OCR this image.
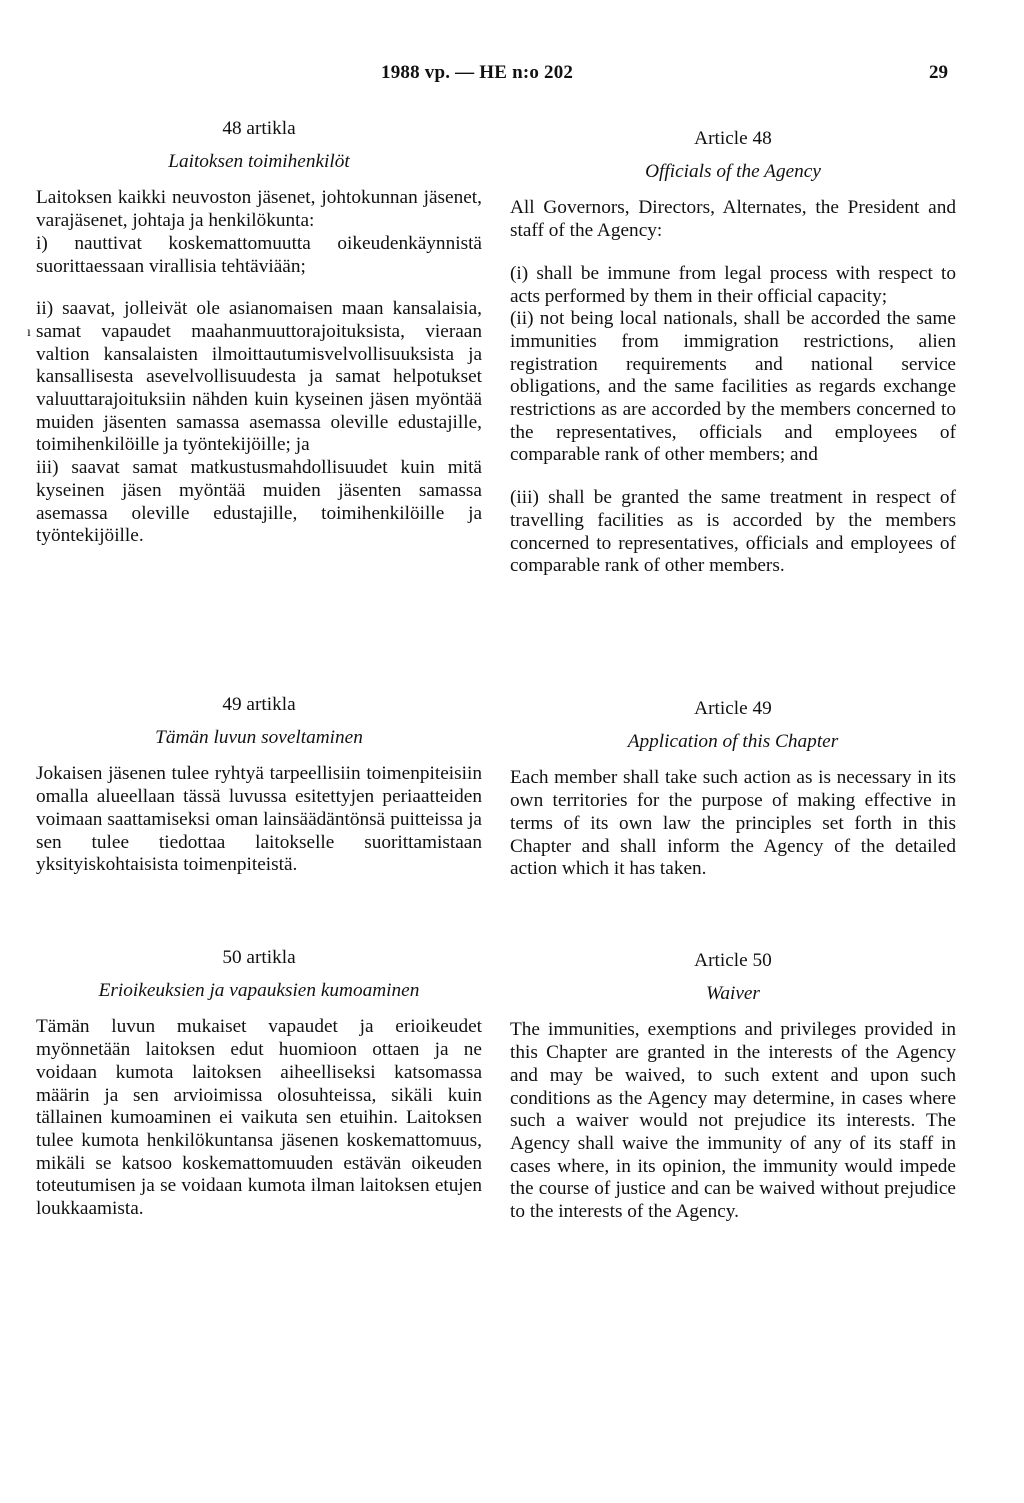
1988 vp. — HE n:o 202	29
48 artikla
Laitoksen toimihenkilöt
Laitoksen kaikki neuvoston jäsenet, johtokunnan jäsenet, varajäsenet, johtaja ja henkilökunta:
i) nauttivat koskemattomuutta oikeudenkäynnistä suorittaessaan virallisia tehtäviään;
ı
ii) saavat, jolleivät ole asianomaisen maan kansalaisia, samat vapaudet maahanmuuttorajoituksista, vieraan valtion kansalaisten ilmoittautumisvelvollisuuksista ja kansallisesta asevelvollisuudesta ja samat helpotukset valuuttarajoituksiin nähden kuin kyseinen jäsen myöntää muiden jäsenten samassa asemassa oleville edustajille, toimihenkilöille ja työntekijöille; ja
iii) saavat samat matkustusmahdollisuudet kuin mitä kyseinen jäsen myöntää muiden jäsenten samassa asemassa oleville edustajille, toimihenkilöille ja työntekijöille.
Article 48
Officials of the Agency
All Governors, Directors, Alternates, the President and staff of the Agency:
(i) shall be immune from legal process with respect to acts performed by them in their official capacity;
(ii) not being local nationals, shall be accorded the same immunities from immigration restrictions, alien registration requirements and national service obligations, and the same facilities as regards exchange restrictions as are accorded by the members concerned to the representatives, officials and employees of comparable rank of other members; and
(iii) shall be granted the same treatment in respect of travelling facilities as is accorded by the members concerned to representatives, officials and employees of comparable rank of other members.
49 artikla
Tämän luvun soveltaminen
Jokaisen jäsenen tulee ryhtyä tarpeellisiin toimenpiteisiin omalla alueellaan tässä luvussa esitettyjen periaatteiden voimaan saattamiseksi oman lainsäädäntönsä puitteissa ja sen tulee tiedottaa laitokselle suorittamistaan yksityiskohtaisista toimenpiteistä.
Article 49
Application of this Chapter
Each member shall take such action as is necessary in its own territories for the purpose of making effective in terms of its own law the principles set forth in this Chapter and shall inform the Agency of the detailed action which it has taken.
50 artikla
Erioikeuksien ja vapauksien kumoaminen
Tämän luvun mukaiset vapaudet ja erioikeudet myönnetään laitoksen edut huomioon ottaen ja ne voidaan kumota laitoksen aiheelliseksi katsomassa määrin ja sen arvioimissa olosuhteissa, sikäli kuin tällainen kumoaminen ei vaikuta sen etuihin. Laitoksen tulee kumota henkilökuntansa jäsenen koskemattomuus, mikäli se katsoo koskemattomuuden estävän oikeuden toteutumisen ja se voidaan kumota ilman laitoksen etujen loukkaamista.
Article 50
Waiver
The immunities, exemptions and privileges provided in this Chapter are granted in the interests of the Agency and may be waived, to such extent and upon such conditions as the Agency may determine, in cases where such a waiver would not prejudice its interests. The Agency shall waive the immunity of any of its staff in cases where, in its opinion, the immunity would impede the course of justice and can be waived without prejudice to the interests of the Agency.
